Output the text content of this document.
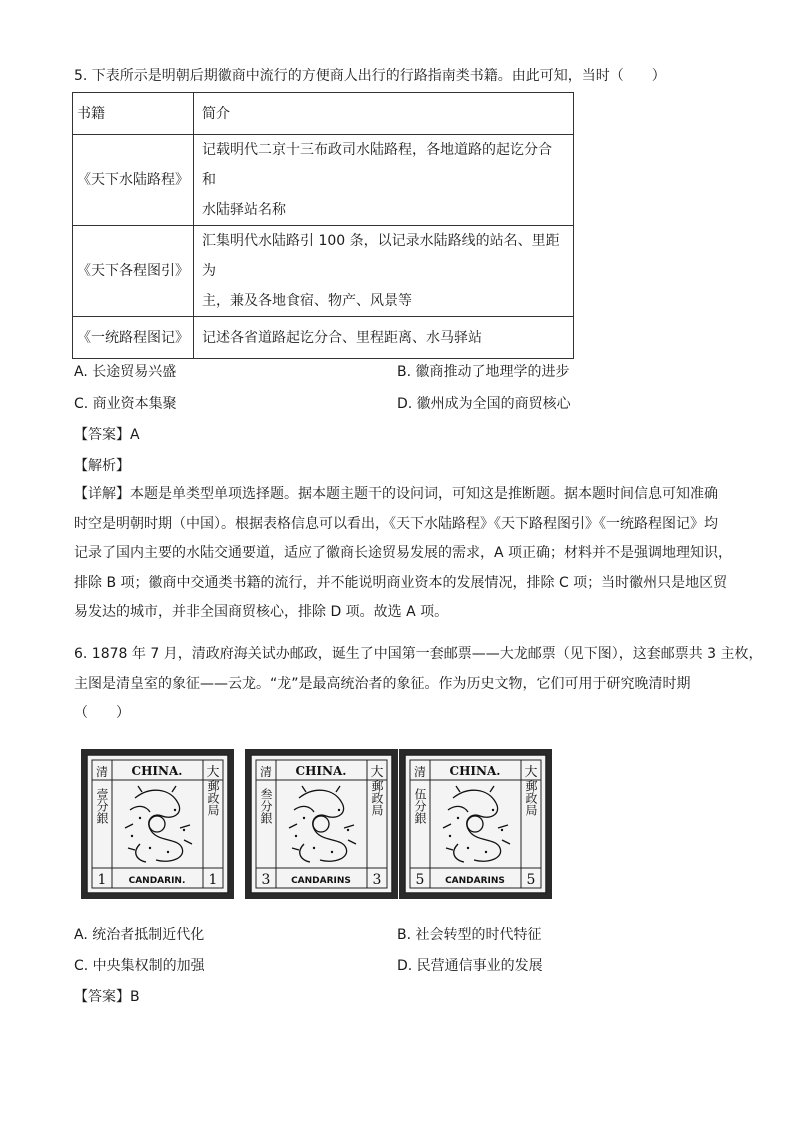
5. 下表所示是明朝后期徽商中流行的方便商人出行的行路指南类书籍。由此可知，当时（　　）
书籍	简介
《天下水陆路程》	记载明代二京十三布政司水陆路程，各地道路的起讫分合和
水陆驿站名称

《天下各程图引》	汇集明代水陆路引 100 条，以记录水陆路线的站名、里距为
主，兼及各地食宿、物产、风景等

《一统路程图记》	记述各省道路起讫分合、里程距离、水马驿站
A. 长途贸易兴盛	B. 徽商推动了地理学的进步
C. 商业资本集聚	D. 徽州成为全国的商贸核心
【答案】A
【解析】
【详解】本题是单类型单项选择题。据本题主题干的设问词，可知这是推断题。据本题时间信息可知准确
时空是明朝时期（中国）。根据表格信息可以看出，《天下水陆路程》《天下路程图引》《一统路程图记》均
记录了国内主要的水陆交通要道，适应了徽商长途贸易发展的需求，A 项正确；材料并不是强调地理知识，
排除 B 项；徽商中交通类书籍的流行，并不能说明商业资本的发展情况，排除 C 项；当时徽州只是地区贸
易发达的城市，并非全国商贸核心，排除 D 项。故选 A 项。
6. 1878 年 7 月，清政府海关试办邮政，诞生了中国第一套邮票——大龙邮票（见下图），这套邮票共 3 主枚，
主图是清皇室的象征——云龙。“龙”是最高统治者的象征。作为历史文物，它们可用于研究晚清时期
（　　）
CHINA.
CANDARIN.
1	1
清	大
壹分銀	郵政局
CHINA.
CANDARINS
3	3
清	大
叁分銀	郵政局
CHINA.
CANDARINS
5	5
清	大
伍分銀	郵政局
A. 统治者抵制近代化	B. 社会转型的时代特征
C. 中央集权制的加强	D. 民营通信事业的发展
【答案】B
